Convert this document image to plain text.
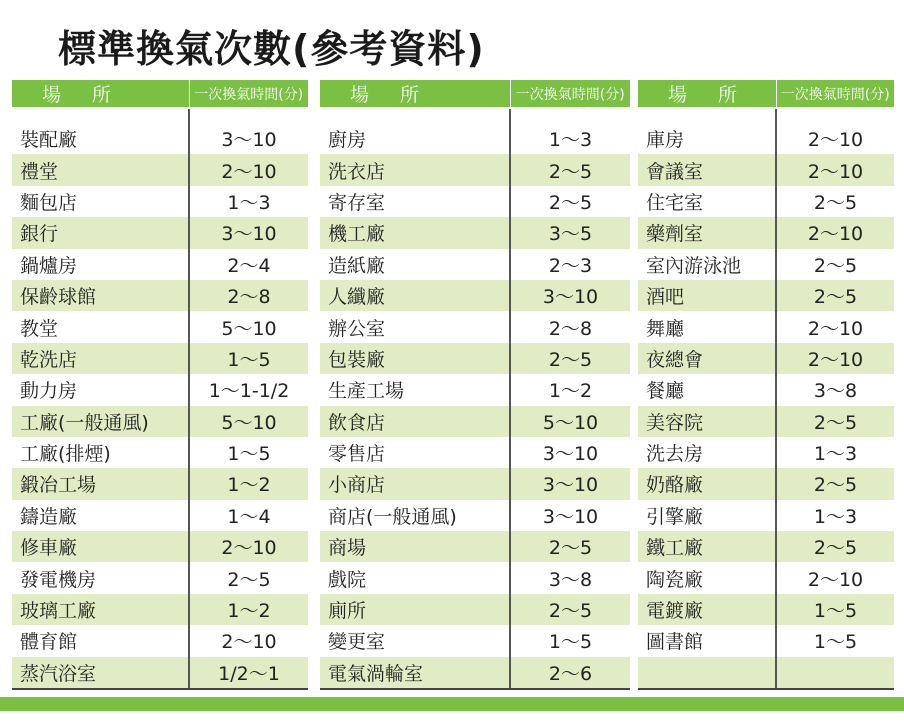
標準換氣次數(參考資料)
場　所	一次換氣時間(分)
裝配廠	3～10
禮堂	2～10
麵包店	1～3
銀行	3～10
鍋爐房	2～4
保齡球館	2～8
教堂	5～10
乾洗店	1～5
動力房	1～1-1/2
工廠(一般通風)	5～10
工廠(排煙)	1～5
鍛冶工場	1～2
鑄造廠	1～4
修車廠	2～10
發電機房	2～5
玻璃工廠	1～2
體育館	2～10
蒸汽浴室	1/2～1
場　所	一次換氣時間(分)
廚房	1～3
洗衣店	2～5
寄存室	2～5
機工廠	3～5
造紙廠	2～3
人纖廠	3～10
辦公室	2～8
包裝廠	2～5
生產工場	1～2
飲食店	5～10
零售店	3～10
小商店	3～10
商店(一般通風)	3～10
商場	2～5
戲院	3～8
廁所	2～5
變更室	1～5
電氣渦輪室	2～6
場　所	一次換氣時間(分)
庫房	2～10
會議室	2～10
住宅室	2～5
藥劑室	2～10
室內游泳池	2～5
酒吧	2～5
舞廳	2～10
夜總會	2～10
餐廳	3～8
美容院	2～5
洗去房	1～3
奶酪廠	2～5
引擎廠	1～3
鐵工廠	2～5
陶瓷廠	2～10
電鍍廠	1～5
圖書館	1～5
